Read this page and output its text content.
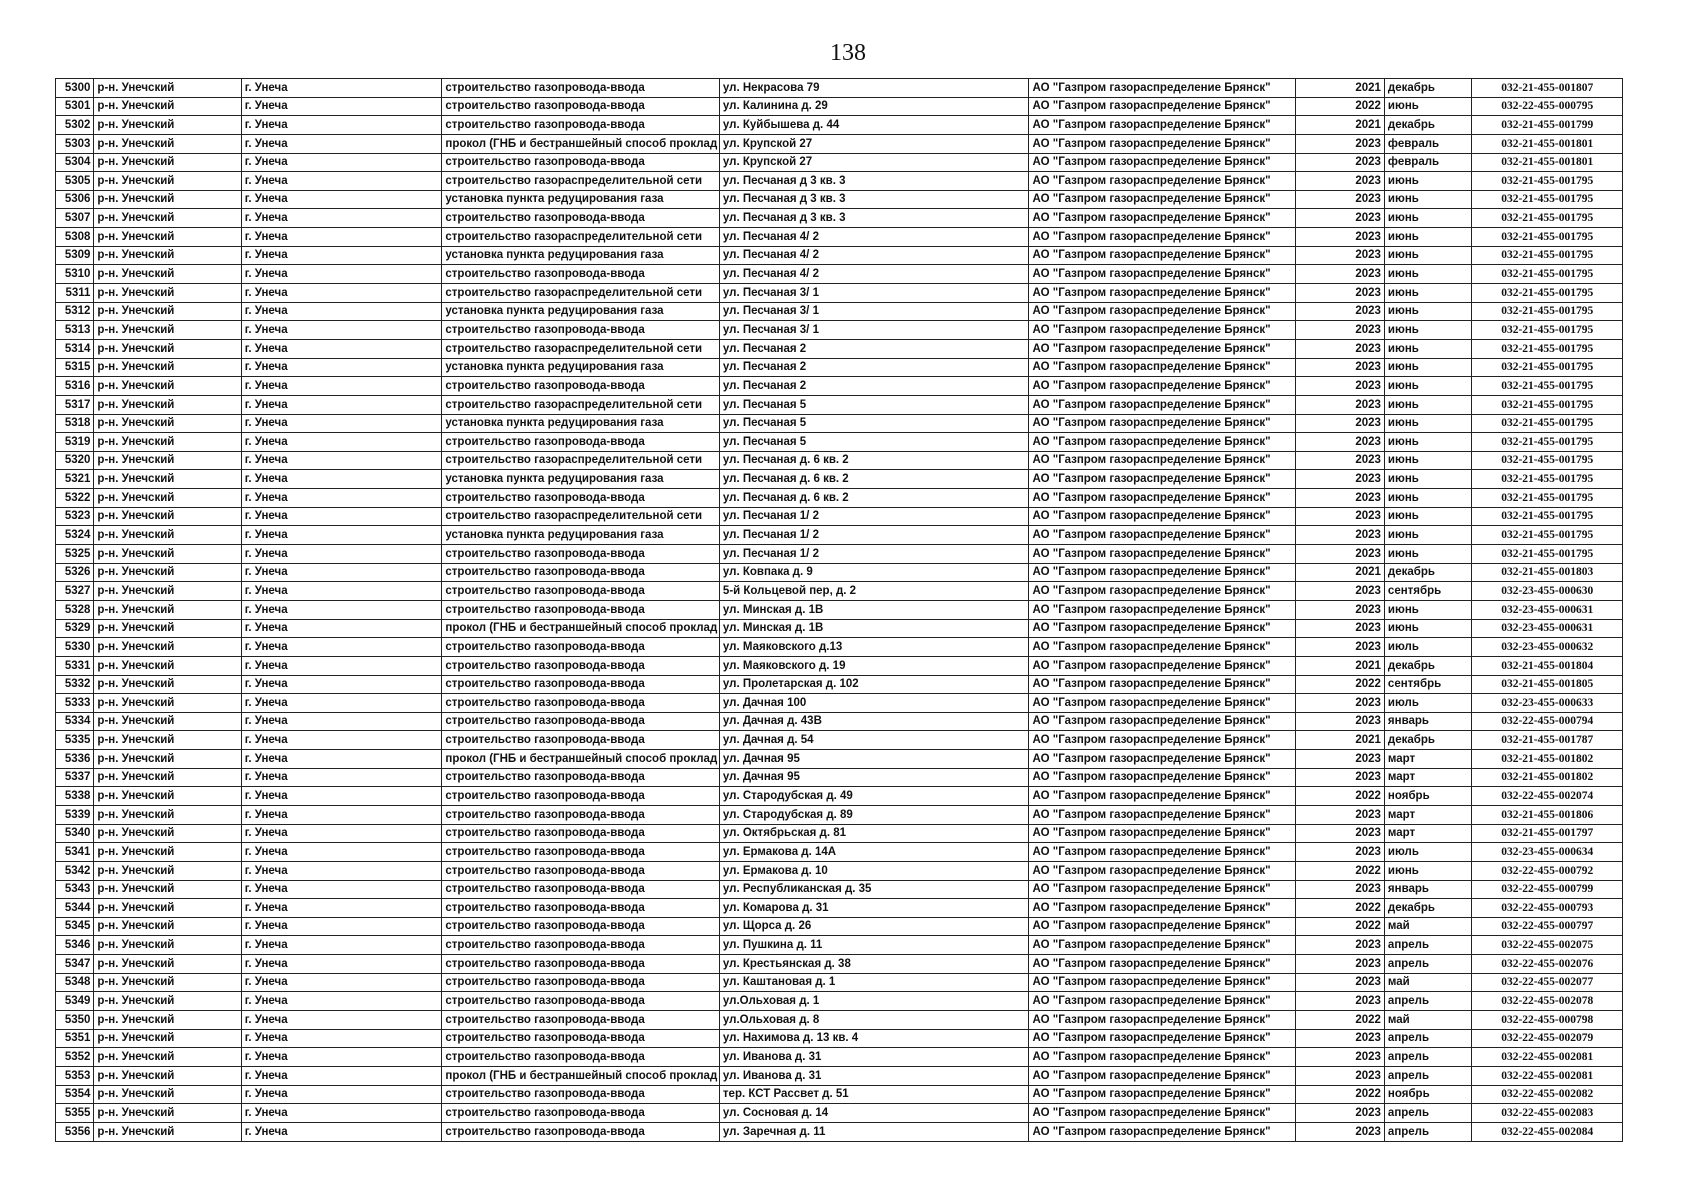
138
5300	р-н. Унечский	г. Унеча	строительство газопровода-ввода	ул. Некрасова 79	АО "Газпром газораспределение Брянск"	2021	декабрь	032-21-455-001807
5301	р-н. Унечский	г. Унеча	строительство газопровода-ввода	ул. Калинина д. 29	АО "Газпром газораспределение Брянск"	2022	июнь	032-22-455-000795
5302	р-н. Унечский	г. Унеча	строительство газопровода-ввода	ул. Куйбышева д. 44	АО "Газпром газораспределение Брянск"	2021	декабрь	032-21-455-001799
5303	р-н. Унечский	г. Унеча	прокол (ГНБ и бестраншейный способ проклад	ул. Крупской 27	АО "Газпром газораспределение Брянск"	2023	февраль	032-21-455-001801
5304	р-н. Унечский	г. Унеча	строительство газопровода-ввода	ул. Крупской 27	АО "Газпром газораспределение Брянск"	2023	февраль	032-21-455-001801
5305	р-н. Унечский	г. Унеча	строительство газораспределительной сети	ул. Песчаная д 3 кв. 3	АО "Газпром газораспределение Брянск"	2023	июнь	032-21-455-001795
5306	р-н. Унечский	г. Унеча	установка пункта редуцирования газа	ул. Песчаная д 3 кв. 3	АО "Газпром газораспределение Брянск"	2023	июнь	032-21-455-001795
5307	р-н. Унечский	г. Унеча	строительство газопровода-ввода	ул. Песчаная д 3 кв. 3	АО "Газпром газораспределение Брянск"	2023	июнь	032-21-455-001795
5308	р-н. Унечский	г. Унеча	строительство газораспределительной сети	ул. Песчаная 4/ 2	АО "Газпром газораспределение Брянск"	2023	июнь	032-21-455-001795
5309	р-н. Унечский	г. Унеча	установка пункта редуцирования газа	ул. Песчаная 4/ 2	АО "Газпром газораспределение Брянск"	2023	июнь	032-21-455-001795
5310	р-н. Унечский	г. Унеча	строительство газопровода-ввода	ул. Песчаная 4/ 2	АО "Газпром газораспределение Брянск"	2023	июнь	032-21-455-001795
5311	р-н. Унечский	г. Унеча	строительство газораспределительной сети	ул. Песчаная 3/ 1	АО "Газпром газораспределение Брянск"	2023	июнь	032-21-455-001795
5312	р-н. Унечский	г. Унеча	установка пункта редуцирования газа	ул. Песчаная 3/ 1	АО "Газпром газораспределение Брянск"	2023	июнь	032-21-455-001795
5313	р-н. Унечский	г. Унеча	строительство газопровода-ввода	ул. Песчаная 3/ 1	АО "Газпром газораспределение Брянск"	2023	июнь	032-21-455-001795
5314	р-н. Унечский	г. Унеча	строительство газораспределительной сети	ул. Песчаная 2	АО "Газпром газораспределение Брянск"	2023	июнь	032-21-455-001795
5315	р-н. Унечский	г. Унеча	установка пункта редуцирования газа	ул. Песчаная 2	АО "Газпром газораспределение Брянск"	2023	июнь	032-21-455-001795
5316	р-н. Унечский	г. Унеча	строительство газопровода-ввода	ул. Песчаная 2	АО "Газпром газораспределение Брянск"	2023	июнь	032-21-455-001795
5317	р-н. Унечский	г. Унеча	строительство газораспределительной сети	ул. Песчаная 5	АО "Газпром газораспределение Брянск"	2023	июнь	032-21-455-001795
5318	р-н. Унечский	г. Унеча	установка пункта редуцирования газа	ул. Песчаная 5	АО "Газпром газораспределение Брянск"	2023	июнь	032-21-455-001795
5319	р-н. Унечский	г. Унеча	строительство газопровода-ввода	ул. Песчаная 5	АО "Газпром газораспределение Брянск"	2023	июнь	032-21-455-001795
5320	р-н. Унечский	г. Унеча	строительство газораспределительной сети	ул. Песчаная д. 6 кв. 2	АО "Газпром газораспределение Брянск"	2023	июнь	032-21-455-001795
5321	р-н. Унечский	г. Унеча	установка пункта редуцирования газа	ул. Песчаная д. 6 кв. 2	АО "Газпром газораспределение Брянск"	2023	июнь	032-21-455-001795
5322	р-н. Унечский	г. Унеча	строительство газопровода-ввода	ул. Песчаная д. 6 кв. 2	АО "Газпром газораспределение Брянск"	2023	июнь	032-21-455-001795
5323	р-н. Унечский	г. Унеча	строительство газораспределительной сети	ул. Песчаная 1/ 2	АО "Газпром газораспределение Брянск"	2023	июнь	032-21-455-001795
5324	р-н. Унечский	г. Унеча	установка пункта редуцирования газа	ул. Песчаная 1/ 2	АО "Газпром газораспределение Брянск"	2023	июнь	032-21-455-001795
5325	р-н. Унечский	г. Унеча	строительство газопровода-ввода	ул. Песчаная 1/ 2	АО "Газпром газораспределение Брянск"	2023	июнь	032-21-455-001795
5326	р-н. Унечский	г. Унеча	строительство газопровода-ввода	ул. Ковпака д. 9	АО "Газпром газораспределение Брянск"	2021	декабрь	032-21-455-001803
5327	р-н. Унечский	г. Унеча	строительство газопровода-ввода	5-й Кольцевой пер, д. 2	АО "Газпром газораспределение Брянск"	2023	сентябрь	032-23-455-000630
5328	р-н. Унечский	г. Унеча	строительство газопровода-ввода	ул. Минская д. 1В	АО "Газпром газораспределение Брянск"	2023	июнь	032-23-455-000631
5329	р-н. Унечский	г. Унеча	прокол (ГНБ и бестраншейный способ проклад	ул. Минская д. 1В	АО "Газпром газораспределение Брянск"	2023	июнь	032-23-455-000631
5330	р-н. Унечский	г. Унеча	строительство газопровода-ввода	ул. Маяковского д.13	АО "Газпром газораспределение Брянск"	2023	июль	032-23-455-000632
5331	р-н. Унечский	г. Унеча	строительство газопровода-ввода	ул. Маяковского д. 19	АО "Газпром газораспределение Брянск"	2021	декабрь	032-21-455-001804
5332	р-н. Унечский	г. Унеча	строительство газопровода-ввода	ул. Пролетарская д. 102	АО "Газпром газораспределение Брянск"	2022	сентябрь	032-21-455-001805
5333	р-н. Унечский	г. Унеча	строительство газопровода-ввода	ул. Дачная 100	АО "Газпром газораспределение Брянск"	2023	июль	032-23-455-000633
5334	р-н. Унечский	г. Унеча	строительство газопровода-ввода	ул. Дачная д. 43В	АО "Газпром газораспределение Брянск"	2023	январь	032-22-455-000794
5335	р-н. Унечский	г. Унеча	строительство газопровода-ввода	ул. Дачная д. 54	АО "Газпром газораспределение Брянск"	2021	декабрь	032-21-455-001787
5336	р-н. Унечский	г. Унеча	прокол (ГНБ и бестраншейный способ проклад	ул. Дачная 95	АО "Газпром газораспределение Брянск"	2023	март	032-21-455-001802
5337	р-н. Унечский	г. Унеча	строительство газопровода-ввода	ул. Дачная 95	АО "Газпром газораспределение Брянск"	2023	март	032-21-455-001802
5338	р-н. Унечский	г. Унеча	строительство газопровода-ввода	ул. Стародубская д. 49	АО "Газпром газораспределение Брянск"	2022	ноябрь	032-22-455-002074
5339	р-н. Унечский	г. Унеча	строительство газопровода-ввода	ул. Стародубская д. 89	АО "Газпром газораспределение Брянск"	2023	март	032-21-455-001806
5340	р-н. Унечский	г. Унеча	строительство газопровода-ввода	ул. Октябрьская д. 81	АО "Газпром газораспределение Брянск"	2023	март	032-21-455-001797
5341	р-н. Унечский	г. Унеча	строительство газопровода-ввода	ул. Ермакова д. 14А	АО "Газпром газораспределение Брянск"	2023	июль	032-23-455-000634
5342	р-н. Унечский	г. Унеча	строительство газопровода-ввода	ул. Ермакова д. 10	АО "Газпром газораспределение Брянск"	2022	июнь	032-22-455-000792
5343	р-н. Унечский	г. Унеча	строительство газопровода-ввода	ул. Республиканская д. 35	АО "Газпром газораспределение Брянск"	2023	январь	032-22-455-000799
5344	р-н. Унечский	г. Унеча	строительство газопровода-ввода	ул. Комарова д. 31	АО "Газпром газораспределение Брянск"	2022	декабрь	032-22-455-000793
5345	р-н. Унечский	г. Унеча	строительство газопровода-ввода	ул. Щорса д. 26	АО "Газпром газораспределение Брянск"	2022	май	032-22-455-000797
5346	р-н. Унечский	г. Унеча	строительство газопровода-ввода	ул. Пушкина д. 11	АО "Газпром газораспределение Брянск"	2023	апрель	032-22-455-002075
5347	р-н. Унечский	г. Унеча	строительство газопровода-ввода	ул. Крестьянская д. 38	АО "Газпром газораспределение Брянск"	2023	апрель	032-22-455-002076
5348	р-н. Унечский	г. Унеча	строительство газопровода-ввода	ул. Каштановая д. 1	АО "Газпром газораспределение Брянск"	2023	май	032-22-455-002077
5349	р-н. Унечский	г. Унеча	строительство газопровода-ввода	ул.Ольховая д. 1	АО "Газпром газораспределение Брянск"	2023	апрель	032-22-455-002078
5350	р-н. Унечский	г. Унеча	строительство газопровода-ввода	ул.Ольховая д. 8	АО "Газпром газораспределение Брянск"	2022	май	032-22-455-000798
5351	р-н. Унечский	г. Унеча	строительство газопровода-ввода	ул. Нахимова д. 13 кв. 4	АО "Газпром газораспределение Брянск"	2023	апрель	032-22-455-002079
5352	р-н. Унечский	г. Унеча	строительство газопровода-ввода	ул. Иванова д. 31	АО "Газпром газораспределение Брянск"	2023	апрель	032-22-455-002081
5353	р-н. Унечский	г. Унеча	прокол (ГНБ и бестраншейный способ проклад	ул. Иванова д. 31	АО "Газпром газораспределение Брянск"	2023	апрель	032-22-455-002081
5354	р-н. Унечский	г. Унеча	строительство газопровода-ввода	тер. КСТ Рассвет д. 51	АО "Газпром газораспределение Брянск"	2022	ноябрь	032-22-455-002082
5355	р-н. Унечский	г. Унеча	строительство газопровода-ввода	ул. Сосновая д. 14	АО "Газпром газораспределение Брянск"	2023	апрель	032-22-455-002083
5356	р-н. Унечский	г. Унеча	строительство газопровода-ввода	ул. Заречная д. 11	АО "Газпром газораспределение Брянск"	2023	апрель	032-22-455-002084
